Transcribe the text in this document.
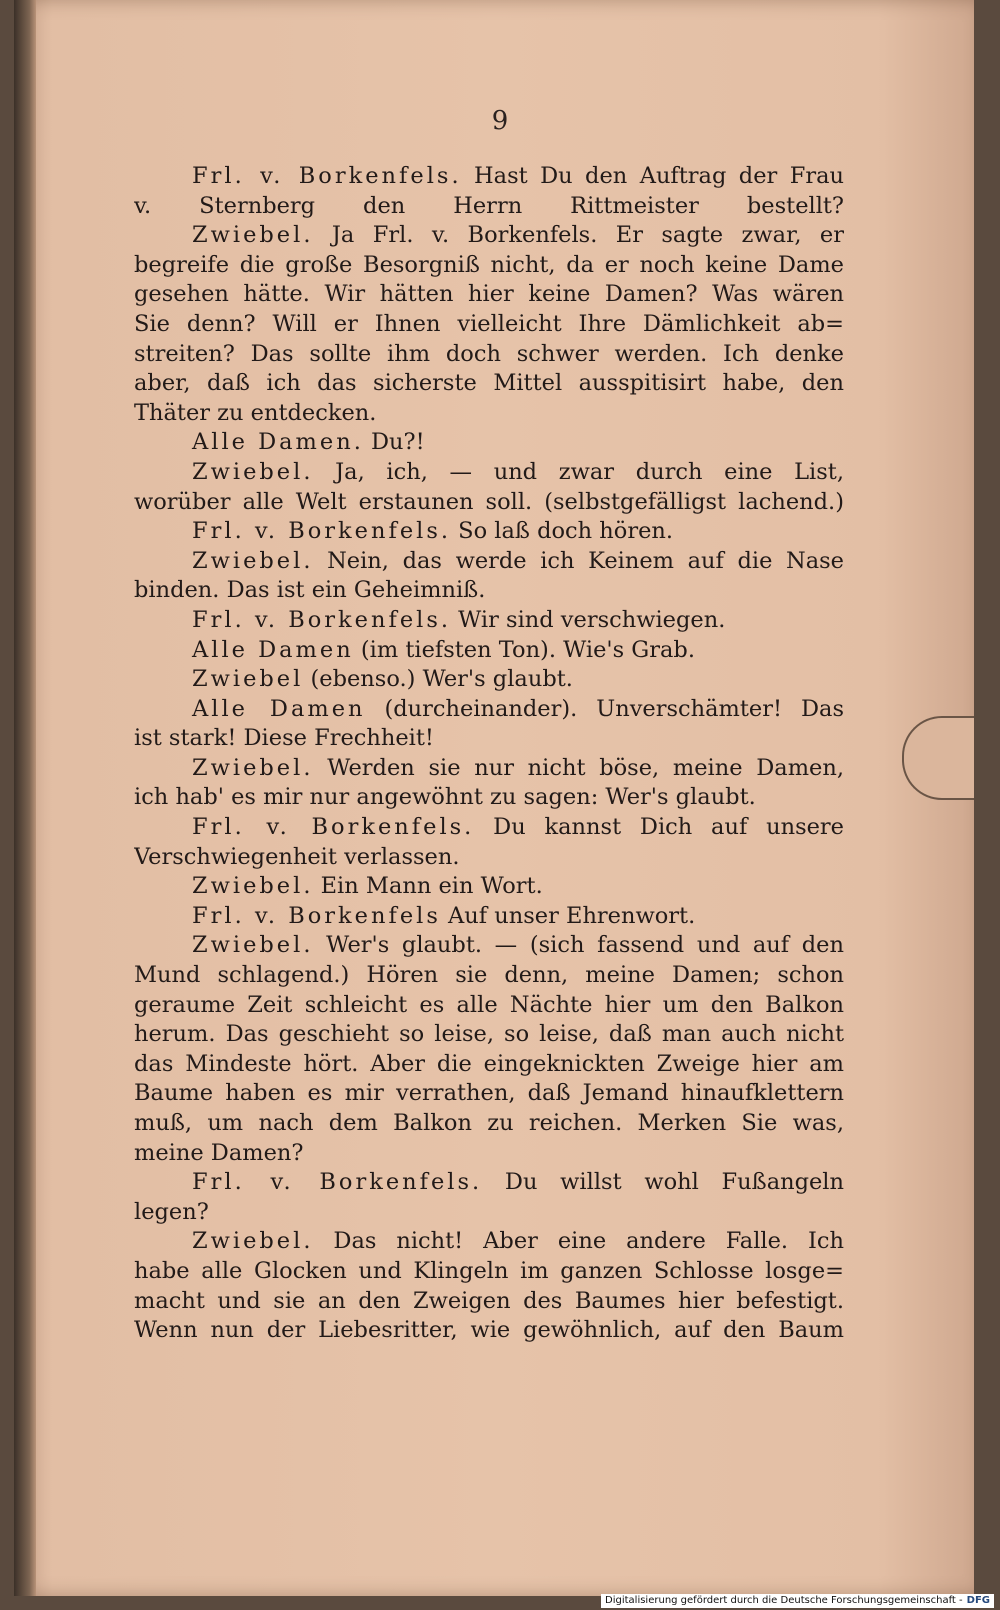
9
Frl. v. Borkenfels. Hast Du den Auftrag der Frau
v. Sternberg den Herrn Rittmeister bestellt?
Zwiebel. Ja Frl. v. Borkenfels. Er sagte zwar, er
begreife die große Besorgniß nicht, da er noch keine Dame
gesehen hätte. Wir hätten hier keine Damen? Was wären
Sie denn? Will er Ihnen vielleicht Ihre Dämlichkeit ab=
streiten? Das sollte ihm doch schwer werden. Ich denke
aber, daß ich das sicherste Mittel ausspitisirt habe, den
Thäter zu entdecken.
Alle Damen. Du?!
Zwiebel. Ja, ich, — und zwar durch eine List,
worüber alle Welt erstaunen soll. (selbstgefälligst lachend.)
Frl. v. Borkenfels. So laß doch hören.
Zwiebel. Nein, das werde ich Keinem auf die Nase
binden. Das ist ein Geheimniß.
Frl. v. Borkenfels. Wir sind verschwiegen.
Alle Damen (im tiefsten Ton). Wie's Grab.
Zwiebel (ebenso.) Wer's glaubt.
Alle Damen (durcheinander). Unverschämter! Das
ist stark! Diese Frechheit!
Zwiebel. Werden sie nur nicht böse, meine Damen,
ich hab' es mir nur angewöhnt zu sagen: Wer's glaubt.
Frl. v. Borkenfels. Du kannst Dich auf unsere
Verschwiegenheit verlassen.
Zwiebel. Ein Mann ein Wort.
Frl. v. Borkenfels Auf unser Ehrenwort.
Zwiebel. Wer's glaubt. — (sich fassend und auf den
Mund schlagend.) Hören sie denn, meine Damen; schon
geraume Zeit schleicht es alle Nächte hier um den Balkon
herum. Das geschieht so leise, so leise, daß man auch nicht
das Mindeste hört. Aber die eingeknickten Zweige hier am
Baume haben es mir verrathen, daß Jemand hinaufklettern
muß, um nach dem Balkon zu reichen. Merken Sie was,
meine Damen?
Frl. v. Borkenfels. Du willst wohl Fußangeln
legen?
Zwiebel. Das nicht! Aber eine andere Falle. Ich
habe alle Glocken und Klingeln im ganzen Schlosse losge=
macht und sie an den Zweigen des Baumes hier befestigt.
Wenn nun der Liebesritter, wie gewöhnlich, auf den Baum
Digitalisierung gefördert durch die Deutsche Forschungsgemeinschaft - DFG
